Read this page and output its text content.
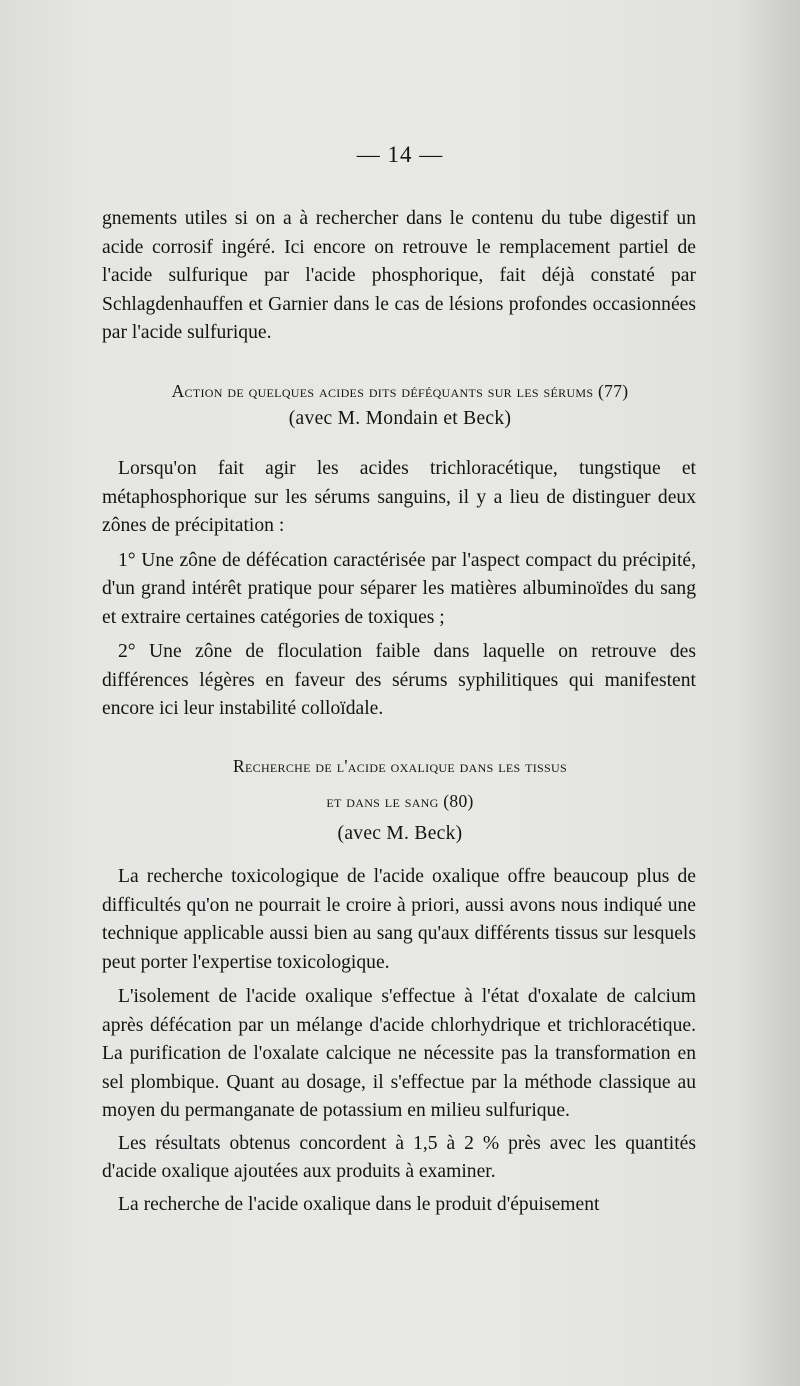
— 14 —

gnements utiles si on a à rechercher dans le contenu du tube digestif un acide corrosif ingéré. Ici encore on retrouve le remplacement partiel de l'acide sulfurique par l'acide phosphorique, fait déjà constaté par Schlagdenhauffen et Garnier dans le cas de lésions profondes occasionnées par l'acide sulfurique.

Action de quelques acides dits déféquants sur les sérums (77)
(avec M. Mondain et Beck)

Lorsqu'on fait agir les acides trichloracétique, tungstique et métaphosphorique sur les sérums sanguins, il y a lieu de distinguer deux zônes de précipitation :

1° Une zône de défécation caractérisée par l'aspect compact du précipité, d'un grand intérêt pratique pour séparer les matières albuminoïdes du sang et extraire certaines catégories de toxiques ;

2° Une zône de floculation faible dans laquelle on retrouve des différences légères en faveur des sérums syphilitiques qui manifestent encore ici leur instabilité colloïdale.

Recherche de l'acide oxalique dans les tissus
et dans le sang (80)
(avec M. Beck)

La recherche toxicologique de l'acide oxalique offre beaucoup plus de difficultés qu'on ne pourrait le croire à priori, aussi avons nous indiqué une technique applicable aussi bien au sang qu'aux différents tissus sur lesquels peut porter l'expertise toxicologique.

L'isolement de l'acide oxalique s'effectue à l'état d'oxalate de calcium après défécation par un mélange d'acide chlorhydrique et trichloracétique. La purification de l'oxalate calcique ne nécessite pas la transformation en sel plombique. Quant au dosage, il s'effectue par la méthode classique au moyen du permanganate de potassium en milieu sulfurique.

Les résultats obtenus concordent à 1,5 à 2 % près avec les quantités d'acide oxalique ajoutées aux produits à examiner.

La recherche de l'acide oxalique dans le produit d'épuisement
